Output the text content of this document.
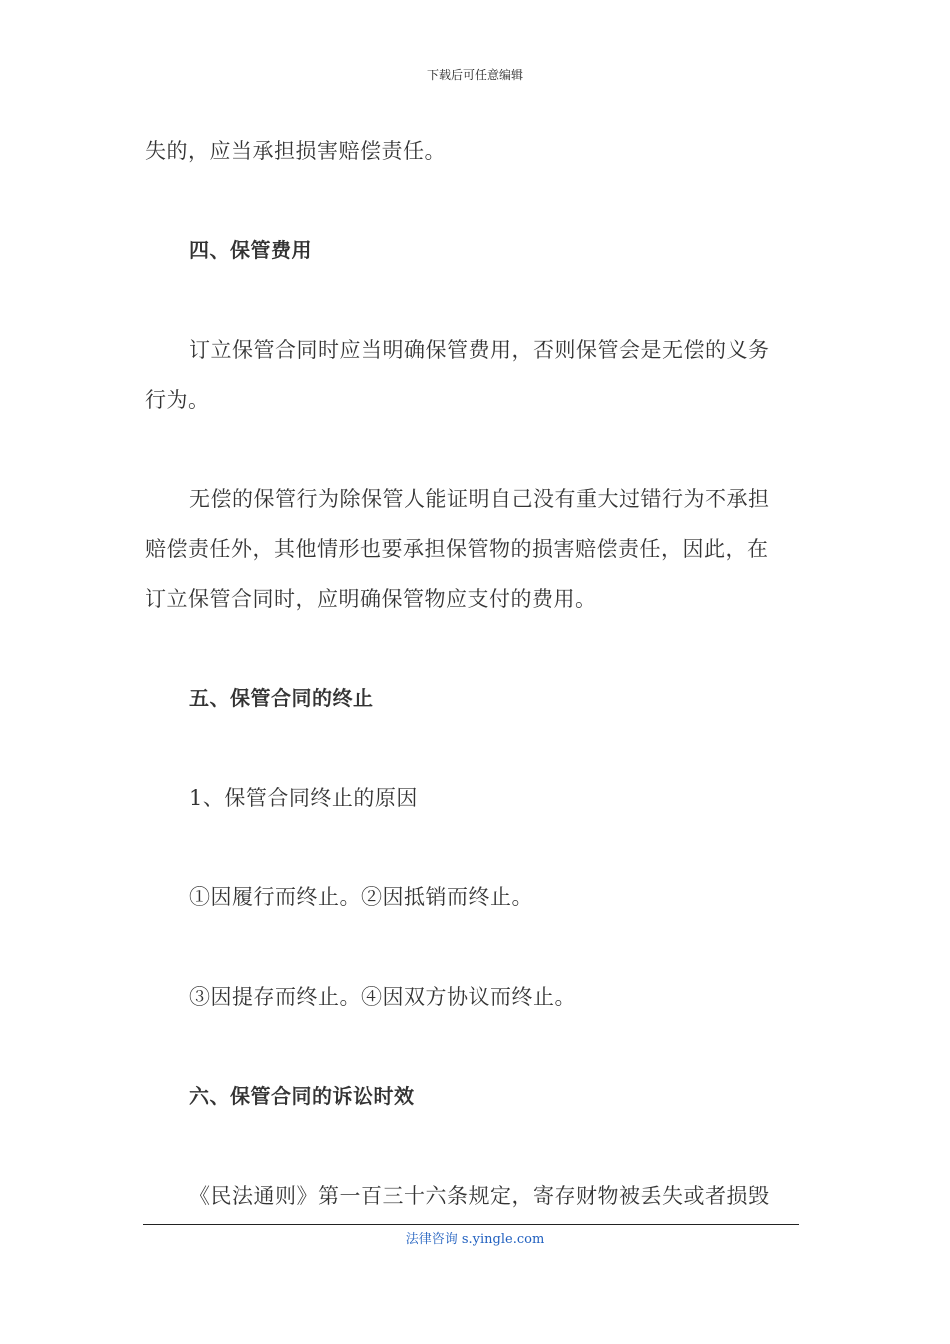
下载后可任意编辑
失的，应当承担损害赔偿责任。
四、保管费用
订立保管合同时应当明确保管费用，否则保管会是无偿的义务
行为。
无偿的保管行为除保管人能证明自己没有重大过错行为不承担
赔偿责任外，其他情形也要承担保管物的损害赔偿责任，因此，在
订立保管合同时，应明确保管物应支付的费用。
五、保管合同的终止
1、保管合同终止的原因
①因履行而终止。②因抵销而终止。
③因提存而终止。④因双方协议而终止。
六、保管合同的诉讼时效
《民法通则》第一百三十六条规定，寄存财物被丢失或者损毁
法律咨询 s.yingle.com
